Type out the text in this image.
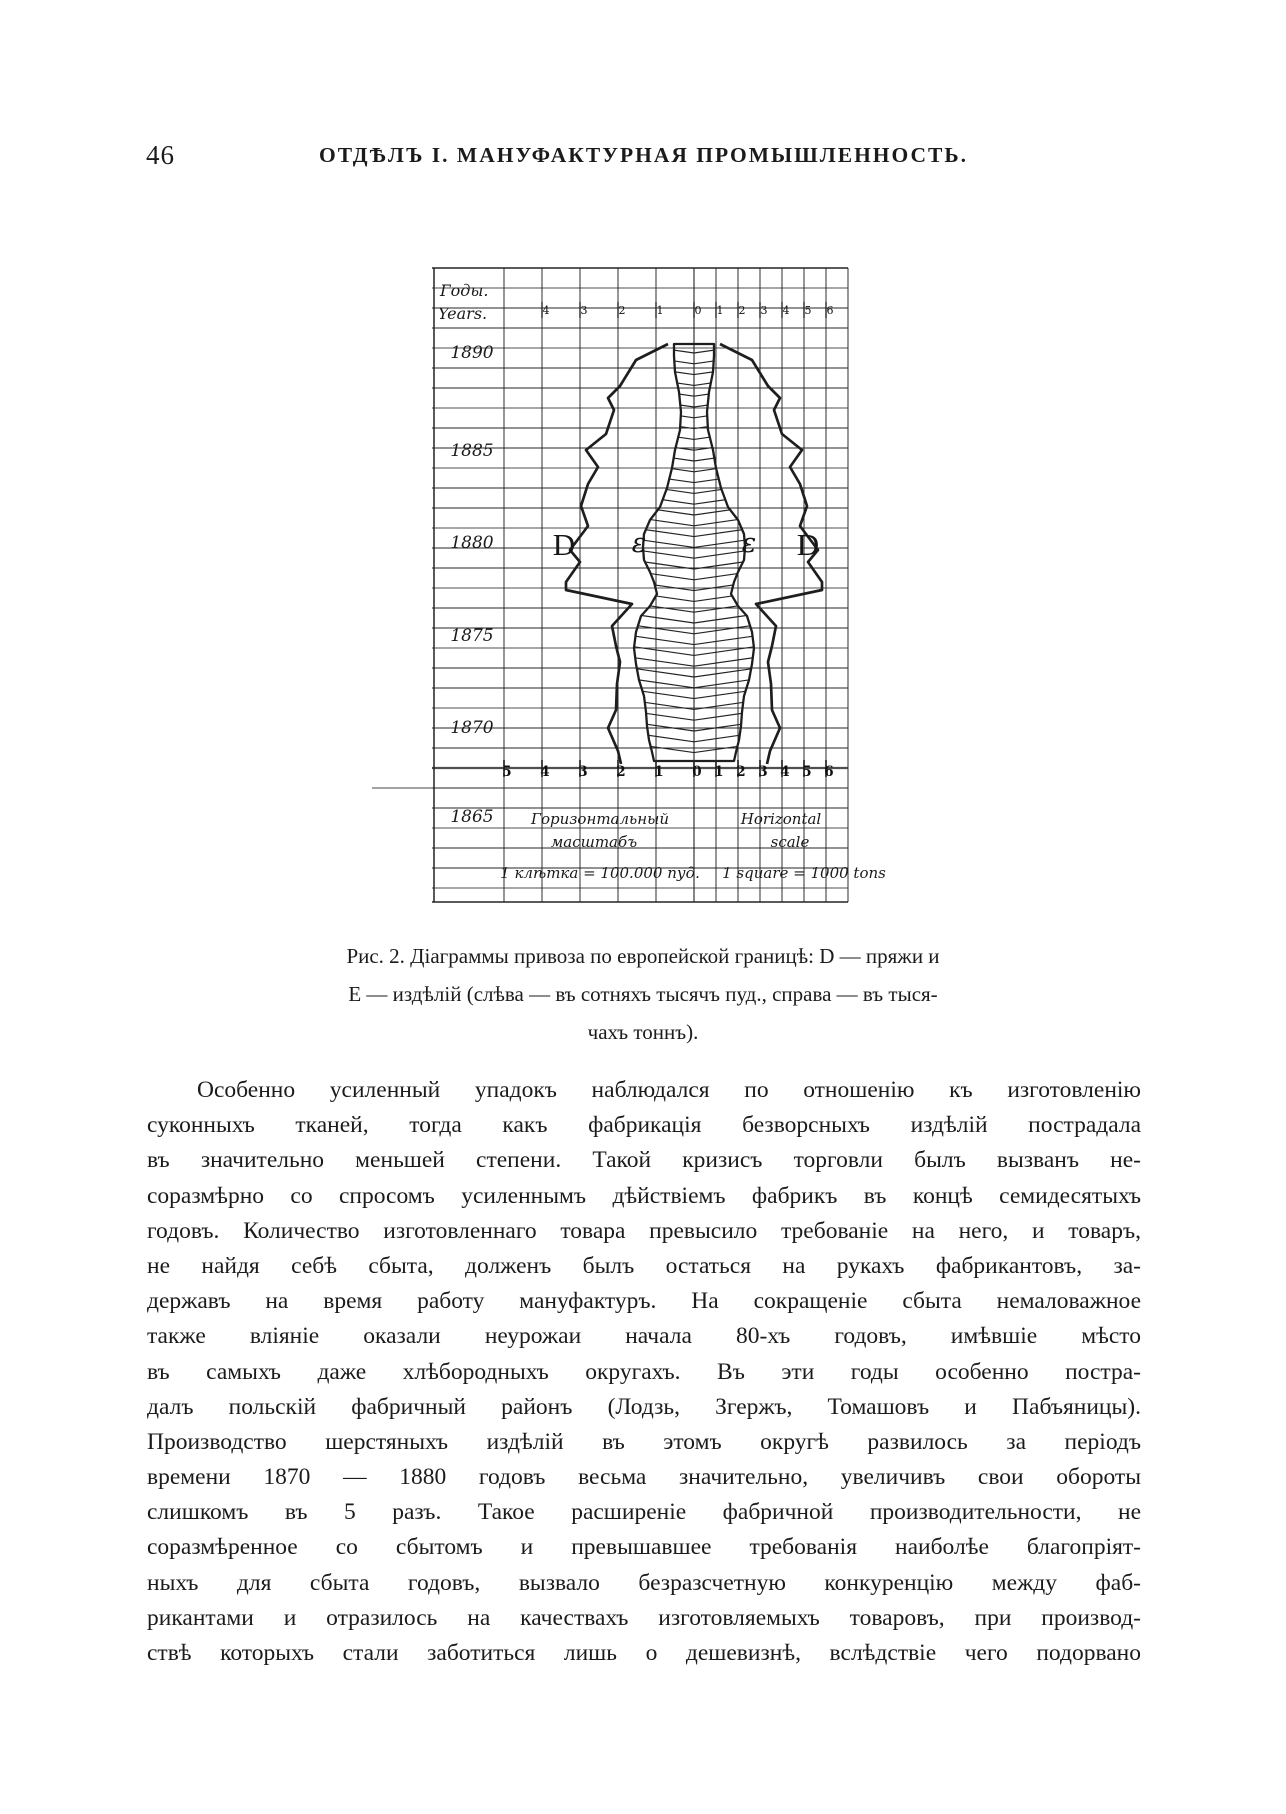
46	ОТДѢЛЪ I. МАНУФАКТУРНАЯ ПРОМЫШЛЕННОСТЬ.
Годы.
Years.
1890
1885
1880
1875
1870
1865
D ε	ε D
Горизонтальный
масштабъ
Horizontal
scale
1 клѣтка = 100.000 пуд. 1 square = 1000 tons
4	3	2	1	0 1 2 3 4 5 6
5 4 3 2 1 0 1 2 3 4 5 6
Рис. 2. Діаграммы привоза по европейской границѣ: D — пряжи и
Е — издѣлій (слѣва — въ сотняхъ тысячъ пуд., справа — въ тыся-
чахъ тоннъ).
Особенно усиленный упадокъ наблюдался по отношенію къ изготовленію
суконныхъ тканей, тогда какъ фабрикація безворсныхъ издѣлій пострадала
въ значительно меньшей степени. Такой кризисъ торговли былъ вызванъ не-
соразмѣрно со спросомъ усиленнымъ дѣйствіемъ фабрикъ въ концѣ семидесятыхъ
годовъ. Количество изготовленнаго товара превысило требованіе на него, и товаръ,
не найдя себѣ сбыта, долженъ былъ остаться на рукахъ фабрикантовъ, за-
державъ на время работу мануфактуръ. На сокращеніе сбыта немаловажное
также вліяніе оказали неурожаи начала 80-хъ годовъ, имѣвшіе мѣсто
въ самыхъ даже хлѣбородныхъ округахъ. Въ эти годы особенно постра-
далъ польскій фабричный районъ (Лодзь, Згержъ, Томашовъ и Пабъяницы).
Производство шерстяныхъ издѣлій въ этомъ округѣ развилось за періодъ
времени 1870 — 1880 годовъ весьма значительно, увеличивъ свои обороты
слишкомъ въ 5 разъ. Такое расширеніе фабричной производительности, не
соразмѣренное со сбытомъ и превышавшее требованія наиболѣе благопріят-
ныхъ для сбыта годовъ, вызвало безразсчетную конкуренцію между фаб-
рикантами и отразилось на качествахъ изготовляемыхъ товаровъ, при производ-
ствѣ которыхъ стали заботиться лишь о дешевизнѣ, вслѣдствіе чего подорвано
